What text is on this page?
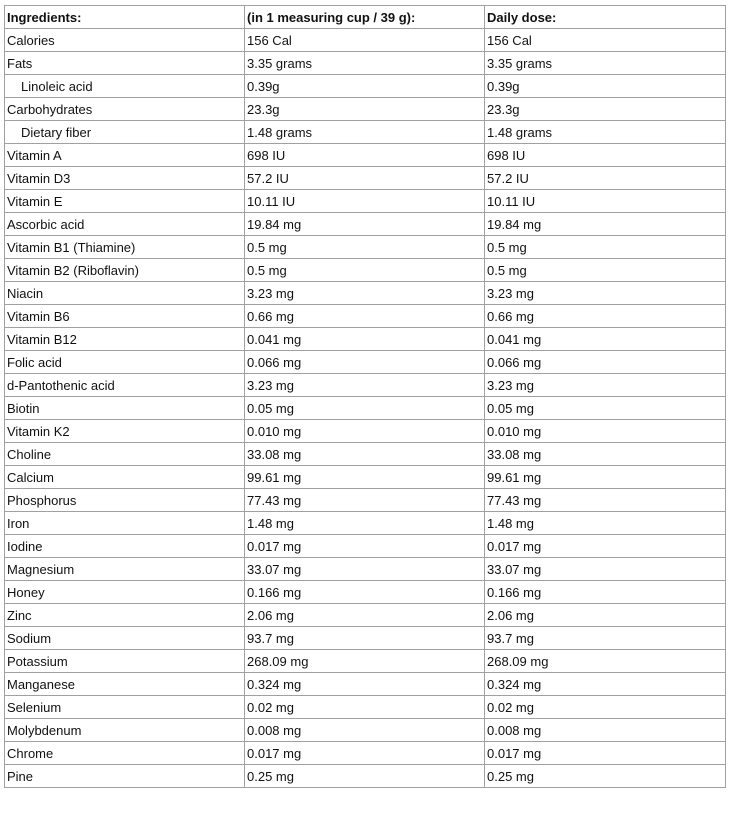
Ingredients:	(in 1 measuring cup / 39 g):	Daily dose:
Calories	156 Cal	156 Cal
Fats	3.35 grams	3.35 grams
Linoleic acid	0.39g	0.39g
Carbohydrates	23.3g	23.3g
Dietary fiber	1.48 grams	1.48 grams
Vitamin A	698 IU	698 IU
Vitamin D3	57.2 IU	57.2 IU
Vitamin E	10.11 IU	10.11 IU
Ascorbic acid	19.84 mg	19.84 mg
Vitamin B1 (Thiamine)	0.5 mg	0.5 mg
Vitamin B2 (Riboflavin)	0.5 mg	0.5 mg
Niacin	3.23 mg	3.23 mg
Vitamin B6	0.66 mg	0.66 mg
Vitamin B12	0.041 mg	0.041 mg
Folic acid	0.066 mg	0.066 mg
d-Pantothenic acid	3.23 mg	3.23 mg
Biotin	0.05 mg	0.05 mg
Vitamin K2	0.010 mg	0.010 mg
Choline	33.08 mg	33.08 mg
Calcium	99.61 mg	99.61 mg
Phosphorus	77.43 mg	77.43 mg
Iron	1.48 mg	1.48 mg
Iodine	0.017 mg	0.017 mg
Magnesium	33.07 mg	33.07 mg
Honey	0.166 mg	0.166 mg
Zinc	2.06 mg	2.06 mg
Sodium	93.7 mg	93.7 mg
Potassium	268.09 mg	268.09 mg
Manganese	0.324 mg	0.324 mg
Selenium	0.02 mg	0.02 mg
Molybdenum	0.008 mg	0.008 mg
Chrome	0.017 mg	0.017 mg
Pine	0.25 mg	0.25 mg
